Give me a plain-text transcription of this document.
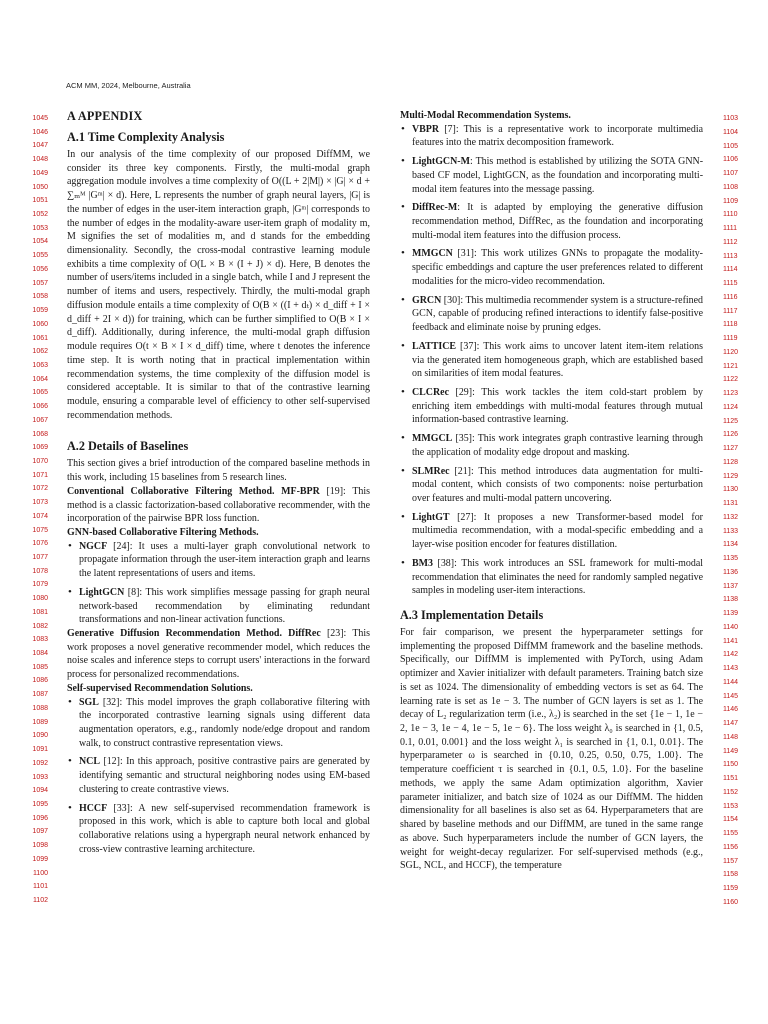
ACM MM, 2024, Melbourne, Australia
1045
1046
1047
1048
1049
1050
1051
1052
1053
1054
1055
1056
1057
1058
1059
1060
1061
1062
1063
1064
1065
1066
1067
1068
1069
1070
1071
1072
1073
1074
1075
1076
1077
1078
1079
1080
1081
1082
1083
1084
1085
1086
1087
1088
1089
1090
1091
1092
1093
1094
1095
1096
1097
1098
1099
1100
1101
1102
1103
1104
1105
1106
1107
1108
1109
1110
1111
1112
1113
1114
1115
1116
1117
1118
1119
1120
1121
1122
1123
1124
1125
1126
1127
1128
1129
1130
1131
1132
1133
1134
1135
1136
1137
1138
1139
1140
1141
1142
1143
1144
1145
1146
1147
1148
1149
1150
1151
1152
1153
1154
1155
1156
1157
1158
1159
1160
A APPENDIX
A.1 Time Complexity Analysis

In our analysis of the time complexity of our proposed DiffMM, we consider its three key components. Firstly, the multi-modal graph aggregation module involves a time complexity of O((L + 2|M|) × |G| × d + ∑ₘᴹ |Gᵐ| × d). Here, L represents the number of graph neural layers, |G| is the number of edges in the user-item interaction graph, |Gᵐ| corresponds to the number of edges in the modality-aware user-item graph of modality m, M signifies the set of modalities m, and d stands for the embedding dimensionality. Secondly, the cross-modal contrastive learning module exhibits a time complexity of O(L × B × (I + J) × d). Here, B denotes the number of users/items included in a single batch, while I and J represent the number of items and users, respectively. Thirdly, the multi-modal graph diffusion module entails a time complexity of O(B × ((I + dₜ) × d_diff + I × d_diff + 2I × d)) for training, which can be further simplified to O(B × I × d_diff). Additionally, during inference, the multi-modal graph diffusion module requires O(t × B × I × d_diff) time, where t denotes the inference time step. It is worth noting that in practical implementation within recommendation systems, the time complexity of the diffusion model is considered acceptable. It is similar to that of the contrastive learning module, ensuring a comparable level of efficiency to other self-supervised recommendation methods.

A.2 Details of Baselines

This section gives a brief introduction of the compared baseline methods in this work, including 15 baselines from 5 research lines.

Conventional Collaborative Filtering Method. MF-BPR [19]: This method is a classic factorization-based collaborative recommender, with the incorporation of the pairwise BPR loss function.

GNN-based Collaborative Filtering Methods.

• NGCF [24]: It uses a multi-layer graph convolutional network to propagate information through the user-item interaction graph and learns the latent representations of users and items.
• LightGCN [8]: This work simplifies message passing for graph neural network-based recommendation by eliminating redundant transformations and non-linear activation functions.

Generative Diffusion Recommendation Method. DiffRec [23]: This work proposes a novel generative recommender model, which reduces the noise scales and inference steps to corrupt users' interactions in the forward process for personalized recommendations.

Self-supervised Recommendation Solutions.

• SGL [32]: This model improves the graph collaborative filtering with the incorporated contrastive learning signals using different data augmentation operators, e.g., randomly node/edge dropout and random walk, to construct contrastive representation views.
• NCL [12]: In this approach, positive contrastive pairs are generated by identifying semantic and structural neighboring nodes using EM-based clustering to create contrastive views.
• HCCF [33]: A new self-supervised recommendation framework is proposed in this work, which is able to capture both local and global collaborative relations using a hypergraph neural network enhanced by cross-view contrastive learning architecture.

Multi-Modal Recommendation Systems.

• VBPR [7]: This is a representative work to incorporate multimedia features into the matrix decomposition framework.
• LightGCN-M: This method is established by utilizing the SOTA GNN-based CF model, LightGCN, as the foundation and incorporating multi-modal item features into the message passing.
• DiffRec-M: It is adapted by employing the generative diffusion recommendation method, DiffRec, as the foundation and incorporating multi-modal item features into the diffusion process.
• MMGCN [31]: This work utilizes GNNs to propagate the modality-specific embeddings and capture the user preferences related to different modalities for the micro-video recommendation.
• GRCN [30]: This multimedia recommender system is a structure-refined GCN, capable of producing refined interactions to identify false-positive feedback and eliminate noise by pruning edges.
• LATTICE [37]: This work aims to uncover latent item-item relations via the generated item homogeneous graph, which are established based on similarities of item modal features.
• CLCRec [29]: This work tackles the item cold-start problem by enriching item embeddings with multi-modal features through mutual information-based contrastive learning.
• MMGCL [35]: This work integrates graph contrastive learning through the application of modality edge dropout and masking.
• SLMRec [21]: This method introduces data augmentation for multi-modal content, which consists of two components: noise perturbation over features and multi-modal pattern uncovering.
• LightGT [27]: It proposes a new Transformer-based model for multimedia recommendation, with a modal-specific embedding and a layer-wise position encoder for features distillation.
• BM3 [38]: This work introduces an SSL framework for multi-modal recommendation that eliminates the need for randomly sampled negative samples in modeling user-item interactions.
A.3 Implementation Details

For fair comparison, we present the hyperparameter settings for implementing the proposed DiffMM framework and the baseline methods. Specifically, our DiffMM is implemented with PyTorch, using Adam optimizer and Xavier initializer with default parameters. Training batch size is set as 1024. The dimensionality of embedding vectors is set as 64. The learning rate is set as 1e − 3. The number of GCN layers is set as 1. The decay of L₂ regularization term (i.e., λ₂) is searched in the set {1e − 1, 1e − 2, 1e − 3, 1e − 4, 1e − 5, 1e − 6}. The loss weight λ₀ is searched in {1, 0.5, 0.1, 0.01, 0.001} and the loss weight λ₁ is searched in {1, 0.1, 0.01}. The hyperparameter ω is searched in {0.10, 0.25, 0.50, 0.75, 1.00}. The temperature coefficient τ is searched in {0.1, 0.5, 1.0}. For the baseline methods, we apply the same Adam optimization algorithm, Xavier parameter initializer, and batch size of 1024 as our DiffMM. The hidden dimensionality for all baselines is also set as 64. Hyperparameters that are shared by baseline methods and our DiffMM, are tuned in the same range as above. Such hyperparameters include the number of GCN layers, the weight for weight-decay regularizer. For self-supervised methods (e.g., SGL, NCL, and HCCF), the temperature
